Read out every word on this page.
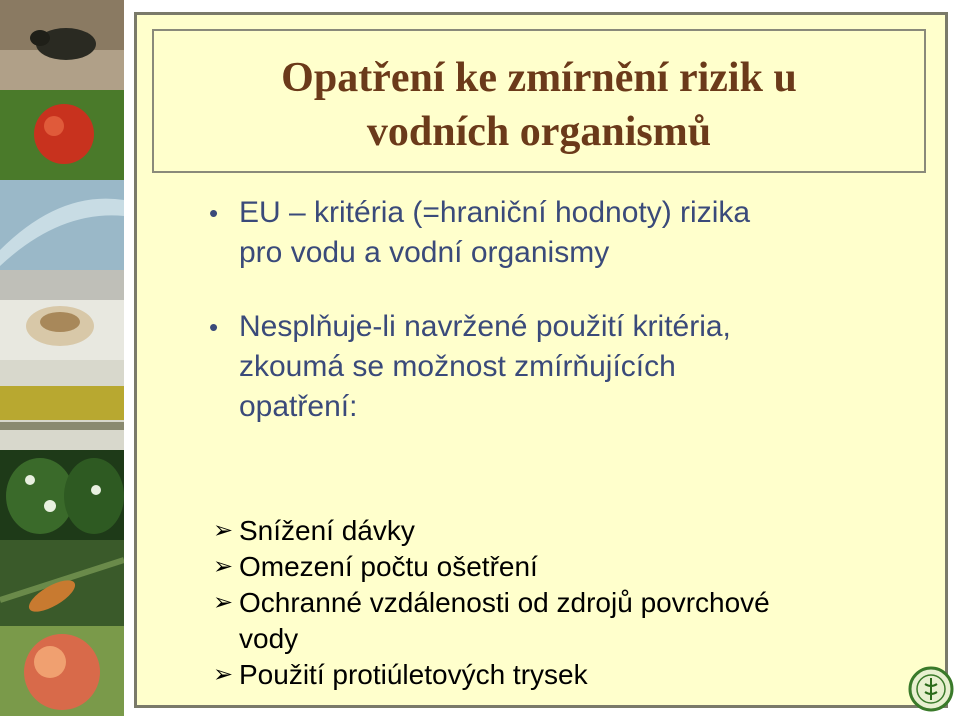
Opatření ke zmírnění rizik u
vodních organismů
• EU – kritéria (=hraniční hodnoty) rizika
pro vodu a vodní organismy
• Nesplňuje-li navržené použití kritéria,
zkoumá se možnost zmírňujících
opatření:
➢ Snížení dávky
➢ Omezení počtu ošetření
➢ Ochranné vzdálenosti od zdrojů povrchové
vody
➢ Použití protiúletových trysek
